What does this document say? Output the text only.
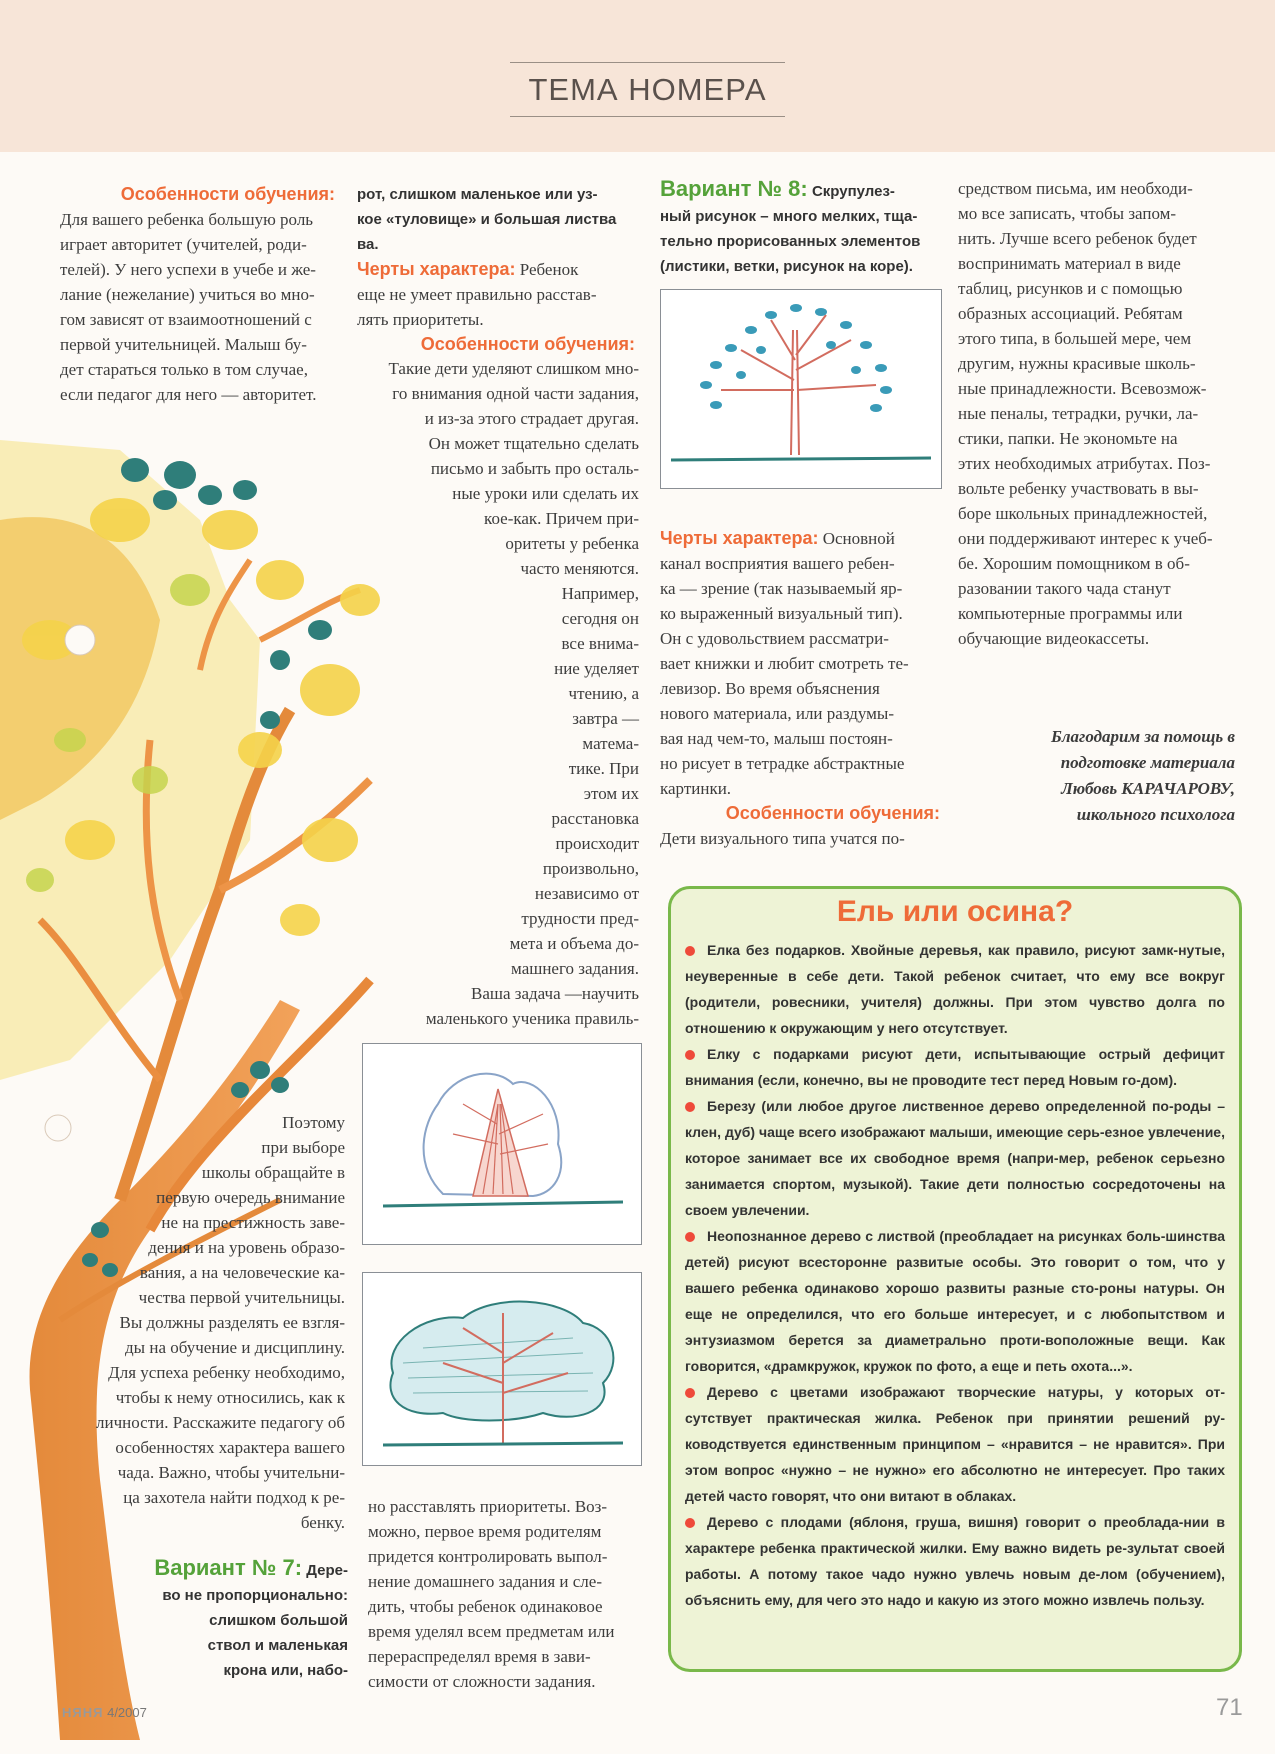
ТЕМА НОМЕРА
Особенности обучения:
Для вашего ребенка большую роль
играет авторитет (учителей, роди-
телей). У него успехи в учебе и же-
лание (нежелание) учиться во мно-
гом зависят от взаимоотношений с
первой учительницей. Малыш бу-
дет стараться только в том случае,
если педагог для него — авторитет.
Поэтому
при выборе
школы обращайте в
первую очередь внимание
не на престижность заве-
дения и на уровень образо-
вания, а на человеческие ка-
чества первой учительницы.
Вы должны разделять ее взгля-
ды на обучение и дисциплину.
Для успеха ребенку необходимо,
чтобы к нему относились, как к
личности. Расскажите педагогу об
особенностях характера вашего
чада. Важно, чтобы учительни-
ца захотела найти подход к ре-
бенку.
Вариант № 7: Дере-
во не пропорционально:
слишком большой
ствол и маленькая
крона или, набо-
рот, слишком маленькое или уз-
кое «туловище» и большая листва
ва.
Черты характера: Ребенок
еще не умеет правильно расстав-
лять приоритеты.
Особенности обучения:
Такие дети уделяют слишком мно-
го внимания одной части задания,
и из-за этого страдает другая.
Он может тщательно сделать
письмо и забыть про осталь-
ные уроки или сделать их
кое-как. Причем при-
оритеты у ребенка
часто меняются.
Например,
сегодня он
все внима-
ние уделяет
чтению, а
завтра —
матема-
тике. При
этом их
расстановка
происходит
произвольно,
независимо от
трудности пред-
мета и объема до-
машнего задания.
Ваша задача —научить
маленького ученика правиль-
но расставлять приоритеты. Воз-
можно, первое время родителям
придется контролировать выпол-
нение домашнего задания и сле-
дить, чтобы ребенок одинаковое
время уделял всем предметам или
перераспределял время в зави-
симости от сложности задания.
Вариант № 8: Скрупулез-
ный рисунок – много мелких, тща-
тельно прорисованных элементов
(листики, ветки, рисунок на коре).
Черты характера: Основной
канал восприятия вашего ребен-
ка — зрение (так называемый яр-
ко выраженный визуальный тип).
Он с удовольствием рассматри-
вает книжки и любит смотреть те-
левизор. Во время объяснения
нового материала, или раздумы-
вая над чем-то, малыш постоян-
но рисует в тетрадке абстрактные
картинки.
Особенности обучения:
Дети визуального типа учатся по-
средством письма, им необходи-
мо все записать, чтобы запом-
нить. Лучше всего ребенок будет
воспринимать материал в виде
таблиц, рисунков и с помощью
образных ассоциаций. Ребятам
этого типа, в большей мере, чем
другим, нужны красивые школь-
ные принадлежности. Всевозмож-
ные пеналы, тетрадки, ручки, ла-
стики, папки. Не экономьте на
этих необходимых атрибутах. Поз-
вольте ребенку участвовать в вы-
боре школьных принадлежностей,
они поддерживают интерес к учеб-
бе. Хорошим помощником в об-
разовании такого чада станут
компьютерные программы или
обучающие видеокассеты.
Благодарим за помощь в
подготовке материала
Любовь КАРАЧАРОВУ,
школьного психолога
Ель или осина?

Елка без подарков. Хвойные деревья, как правило, рисуют замк-нутые, неуверенные в себе дети. Такой ребенок считает, что ему все вокруг (родители, ровесники, учителя) должны. При этом чувство долга по отношению к окружающим у него отсутствует.

Елку с подарками рисуют дети, испытывающие острый дефицит внимания (если, конечно, вы не проводите тест перед Новым го-дом).

Березу (или любое другое лиственное дерево определенной по-роды – клен, дуб) чаще всего изображают малыши, имеющие серь-езное увлечение, которое занимает все их свободное время (напри-мер, ребенок серьезно занимается спортом, музыкой). Такие дети полностью сосредоточены на своем увлечении.

Неопознанное дерево с листвой (преобладает на рисунках боль-шинства детей) рисуют всесторонне развитые особы. Это говорит о том, что у вашего ребенка одинаково хорошо развиты разные сто-роны натуры. Он еще не определился, что его больше интересует, и с любопытством и энтузиазмом берется за диаметрально проти-воположные вещи. Как говорится, «драмкружок, кружок по фото, а еще и петь охота...».

Дерево с цветами изображают творческие натуры, у которых от-сутствует практическая жилка. Ребенок при принятии решений ру-ководствуется единственным принципом – «нравится – не нравится». При этом вопрос «нужно – не нужно» его абсолютно не интересует. Про таких детей часто говорят, что они витают в облаках.

Дерево с плодами (яблоня, груша, вишня) говорит о преоблада-нии в характере ребенка практической жилки. Ему важно видеть ре-зультат своей работы. А потому такое чадо нужно увлечь новым де-лом (обучением), объяснить ему, для чего это надо и какую из этого можно извлечь пользу.

НЯНЯ 4/2007	71
